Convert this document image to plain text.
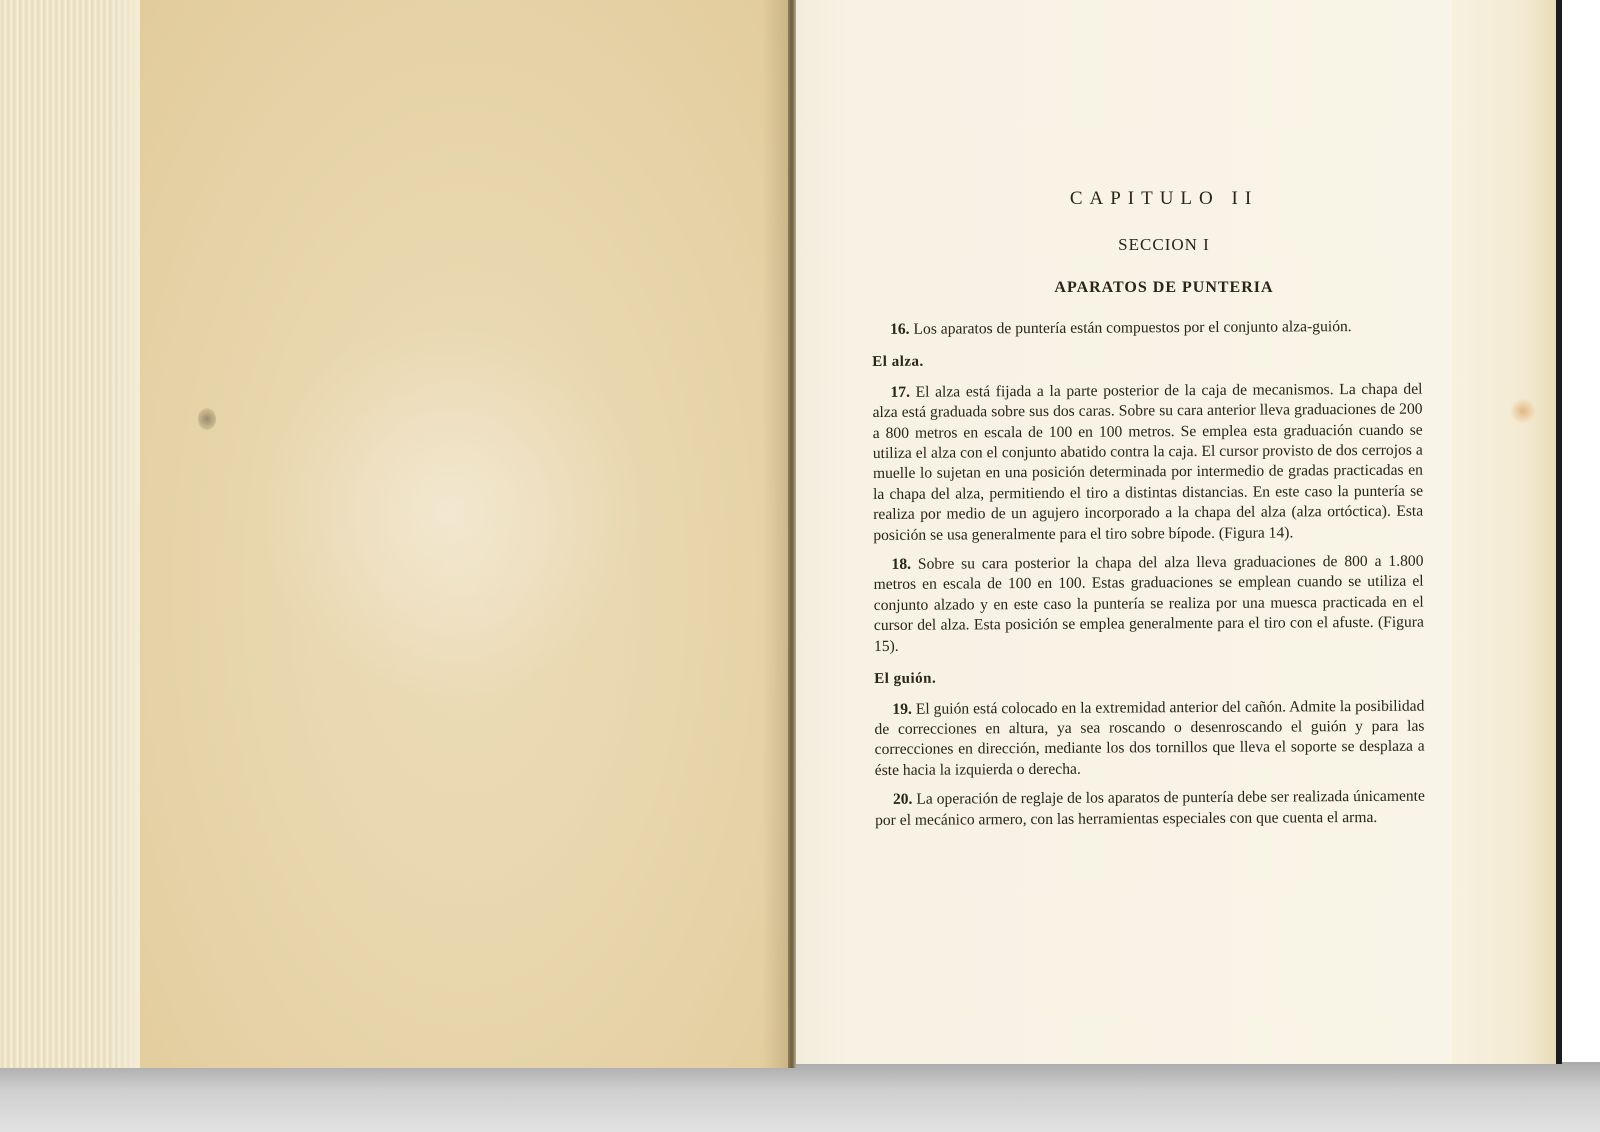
CAPITULO II
SECCION I
APARATOS DE PUNTERIA

16. Los aparatos de puntería están compuestos por el conjunto alza-guión.

El alza.

17. El alza está fijada a la parte posterior de la caja de mecanismos. La chapa del alza está graduada sobre sus dos caras. Sobre su cara anterior lleva graduaciones de 200 a 800 metros en escala de 100 en 100 metros. Se emplea esta graduación cuando se utiliza el alza con el conjunto abatido contra la caja. El cursor provisto de dos cerrojos a muelle lo sujetan en una posición determinada por intermedio de gradas practicadas en la chapa del alza, permitiendo el tiro a distintas distancias. En este caso la puntería se realiza por medio de un agujero incorporado a la chapa del alza (alza ortóctica). Esta posición se usa generalmente para el tiro sobre bípode. (Figura 14).

18. Sobre su cara posterior la chapa del alza lleva graduaciones de 800 a 1.800 metros en escala de 100 en 100. Estas graduaciones se emplean cuando se utiliza el conjunto alzado y en este caso la puntería se realiza por una muesca practicada en el cursor del alza. Esta posición se emplea generalmente para el tiro con el afuste. (Figura 15).

El guión.

19. El guión está colocado en la extremidad anterior del cañón. Admite la posibilidad de correcciones en altura, ya sea roscando o desenroscando el guión y para las correcciones en dirección, mediante los dos tornillos que lleva el soporte se desplaza a éste hacia la izquierda o derecha.

20. La operación de reglaje de los aparatos de puntería debe ser realizada únicamente por el mecánico armero, con las herramientas especiales con que cuenta el arma.
